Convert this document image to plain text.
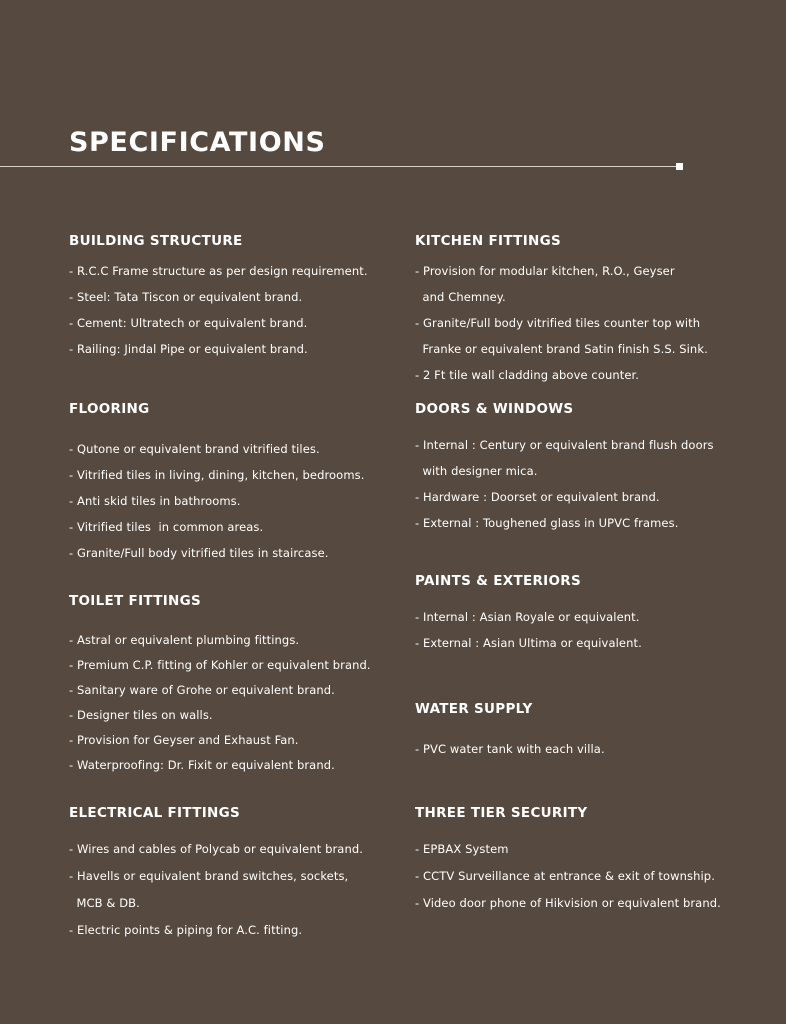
SPECIFICATIONS
BUILDING STRUCTURE
- R.C.C Frame structure as per design requirement.
- Steel: Tata Tiscon or equivalent brand.
- Cement: Ultratech or equivalent brand.
- Railing: Jindal Pipe or equivalent brand.
FLOORING
- Qutone or equivalent brand vitrified tiles.
- Vitrified tiles in living, dining, kitchen, bedrooms.
- Anti skid tiles in bathrooms.
- Vitrified tiles  in common areas.
- Granite/Full body vitrified tiles in staircase.
TOILET FITTINGS
- Astral or equivalent plumbing fittings.
- Premium C.P. fitting of Kohler or equivalent brand.
- Sanitary ware of Grohe or equivalent brand.
- Designer tiles on walls.
- Provision for Geyser and Exhaust Fan.
- Waterproofing: Dr. Fixit or equivalent brand.
ELECTRICAL FITTINGS
- Wires and cables of Polycab or equivalent brand.
- Havells or equivalent brand switches, sockets,
MCB & DB.
- Electric points & piping for A.C. fitting.
KITCHEN FITTINGS
- Provision for modular kitchen, R.O., Geyser
and Chemney.
- Granite/Full body vitrified tiles counter top with
Franke or equivalent brand Satin finish S.S. Sink.
- 2 Ft tile wall cladding above counter.
DOORS & WINDOWS
- Internal : Century or equivalent brand flush doors
with designer mica.
- Hardware : Doorset or equivalent brand.
- External : Toughened glass in UPVC frames.
PAINTS & EXTERIORS
- Internal : Asian Royale or equivalent.
- External : Asian Ultima or equivalent.
WATER SUPPLY
- PVC water tank with each villa.
THREE TIER SECURITY
- EPBAX System
- CCTV Surveillance at entrance & exit of township.
- Video door phone of Hikvision or equivalent brand.
